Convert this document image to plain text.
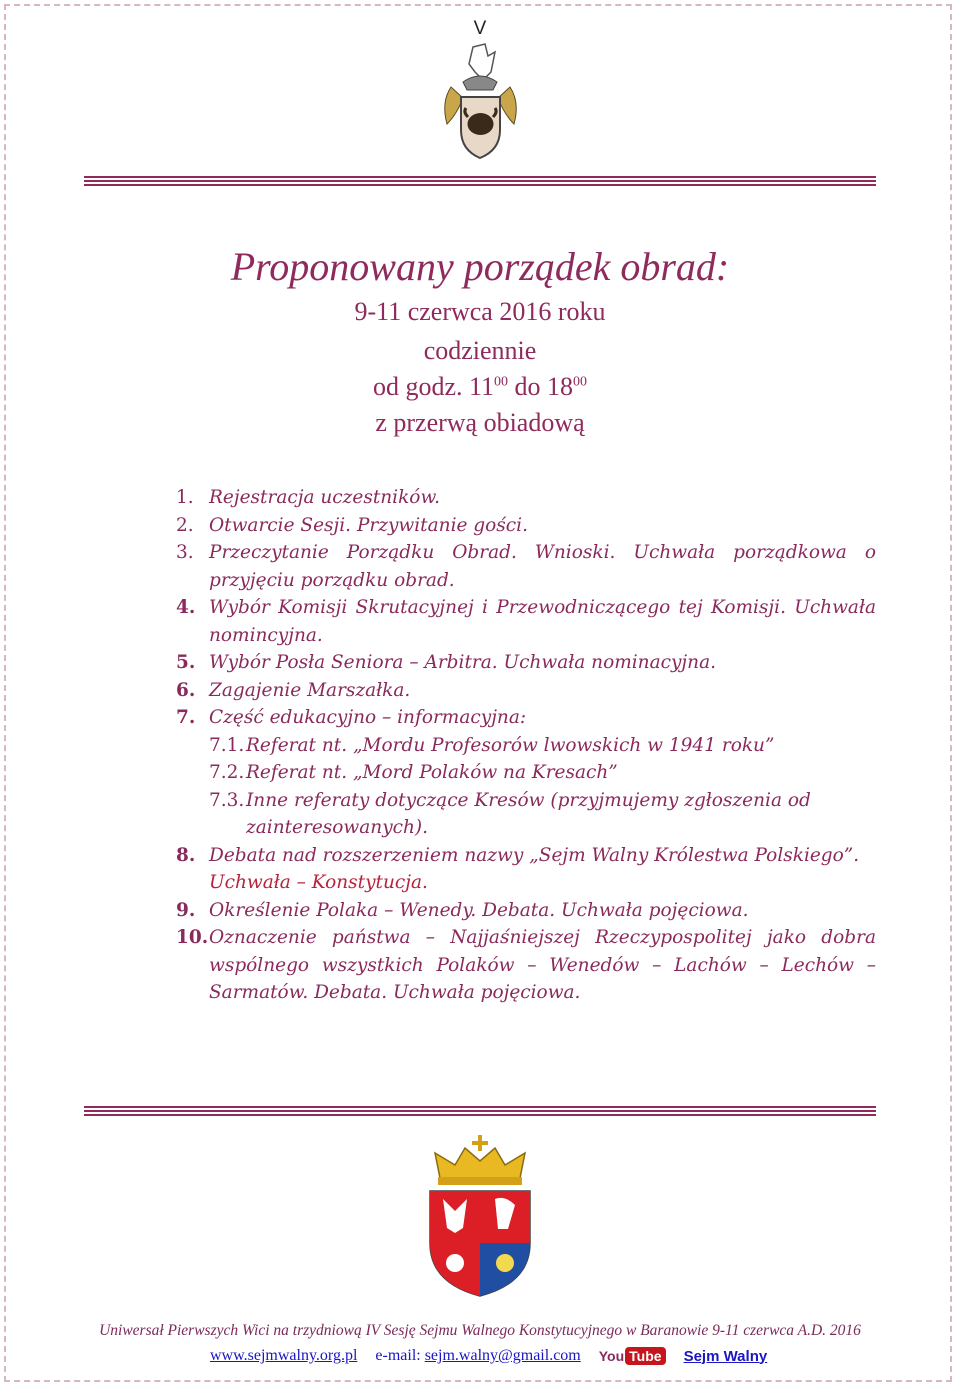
V
Proponowany porządek obrad:
9-11 czerwca 2016 roku
codziennie
od godz. $11^{00}$ do $18^{00}$
z przerwą obiadową
1. Rejestracja uczestników.
2. Otwarcie Sesji. Przywitanie gości.
3. Przeczytanie Porządku Obrad. Wnioski. Uchwała porządkowa o przyjęciu porządku obrad.
4. Wybór Komisji Skrutacyjnej i Przewodniczącego tej Komisji. Uchwała nomincyjna.
5. Wybór Posła Seniora – Arbitra. Uchwała nominacyjna.
6. Zagajenie Marszałka.
7. Część edukacyjno – informacyjna:
7.1. Referat nt. „Mordu Profesorów lwowskich w 1941 roku”
7.2. Referat nt. „Mord Polaków na Kresach”
7.3. Inne referaty dotyczące Kresów (przyjmujemy zgłoszenia od zainteresowanych).
8. Debata nad rozszerzeniem nazwy „Sejm Walny Królestwa Polskiego”.
Uchwała – Konstytucja.
9. Określenie Polaka – Wenedy. Debata. Uchwała pojęciowa.
10. Oznaczenie państwa – Najjaśniejszej Rzeczypospolitej jako dobra wspólnego wszystkich Polaków – Wenedów – Lachów – Lechów – Sarmatów. Debata. Uchwała pojęciowa.
Uniwersał Pierwszych Wici na trzydniową IV Sesję Sejmu Walnego Konstytucyjnego w Baranowie 9-11 czerwca A.D. 2016
www.sejmwalny.org.pl e-mail: sejm.walny@gmail.com You Tube Sejm Walny
